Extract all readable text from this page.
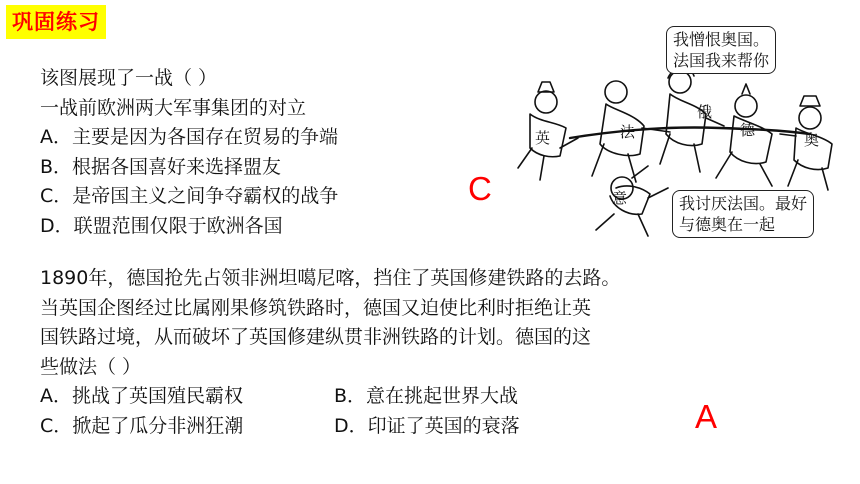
巩固练习
该图展现了一战（ ）
一战前欧洲两大军事集团的对立
A．主要是因为各国存在贸易的争端
B．根据各国喜好来选择盟友
C．是帝国主义之间争夺霸权的战争
D．联盟范围仅限于欧洲各国
C
英	法
俄
德
奥
意
我憎恨奥国。
法国我来帮你
我讨厌法国。最好
与德奥在一起
1890年，德国抢先占领非洲坦噶尼喀，挡住了英国修建铁路的去路。
当英国企图经过比属刚果修筑铁路时，德国又迫使比利时拒绝让英
国铁路过境，从而破坏了英国修建纵贯非洲铁路的计划。德国的这
些做法（ ）
A．挑战了英国殖民霸权	B．意在挑起世界大战
C．掀起了瓜分非洲狂潮	D．印证了英国的衰落	A
